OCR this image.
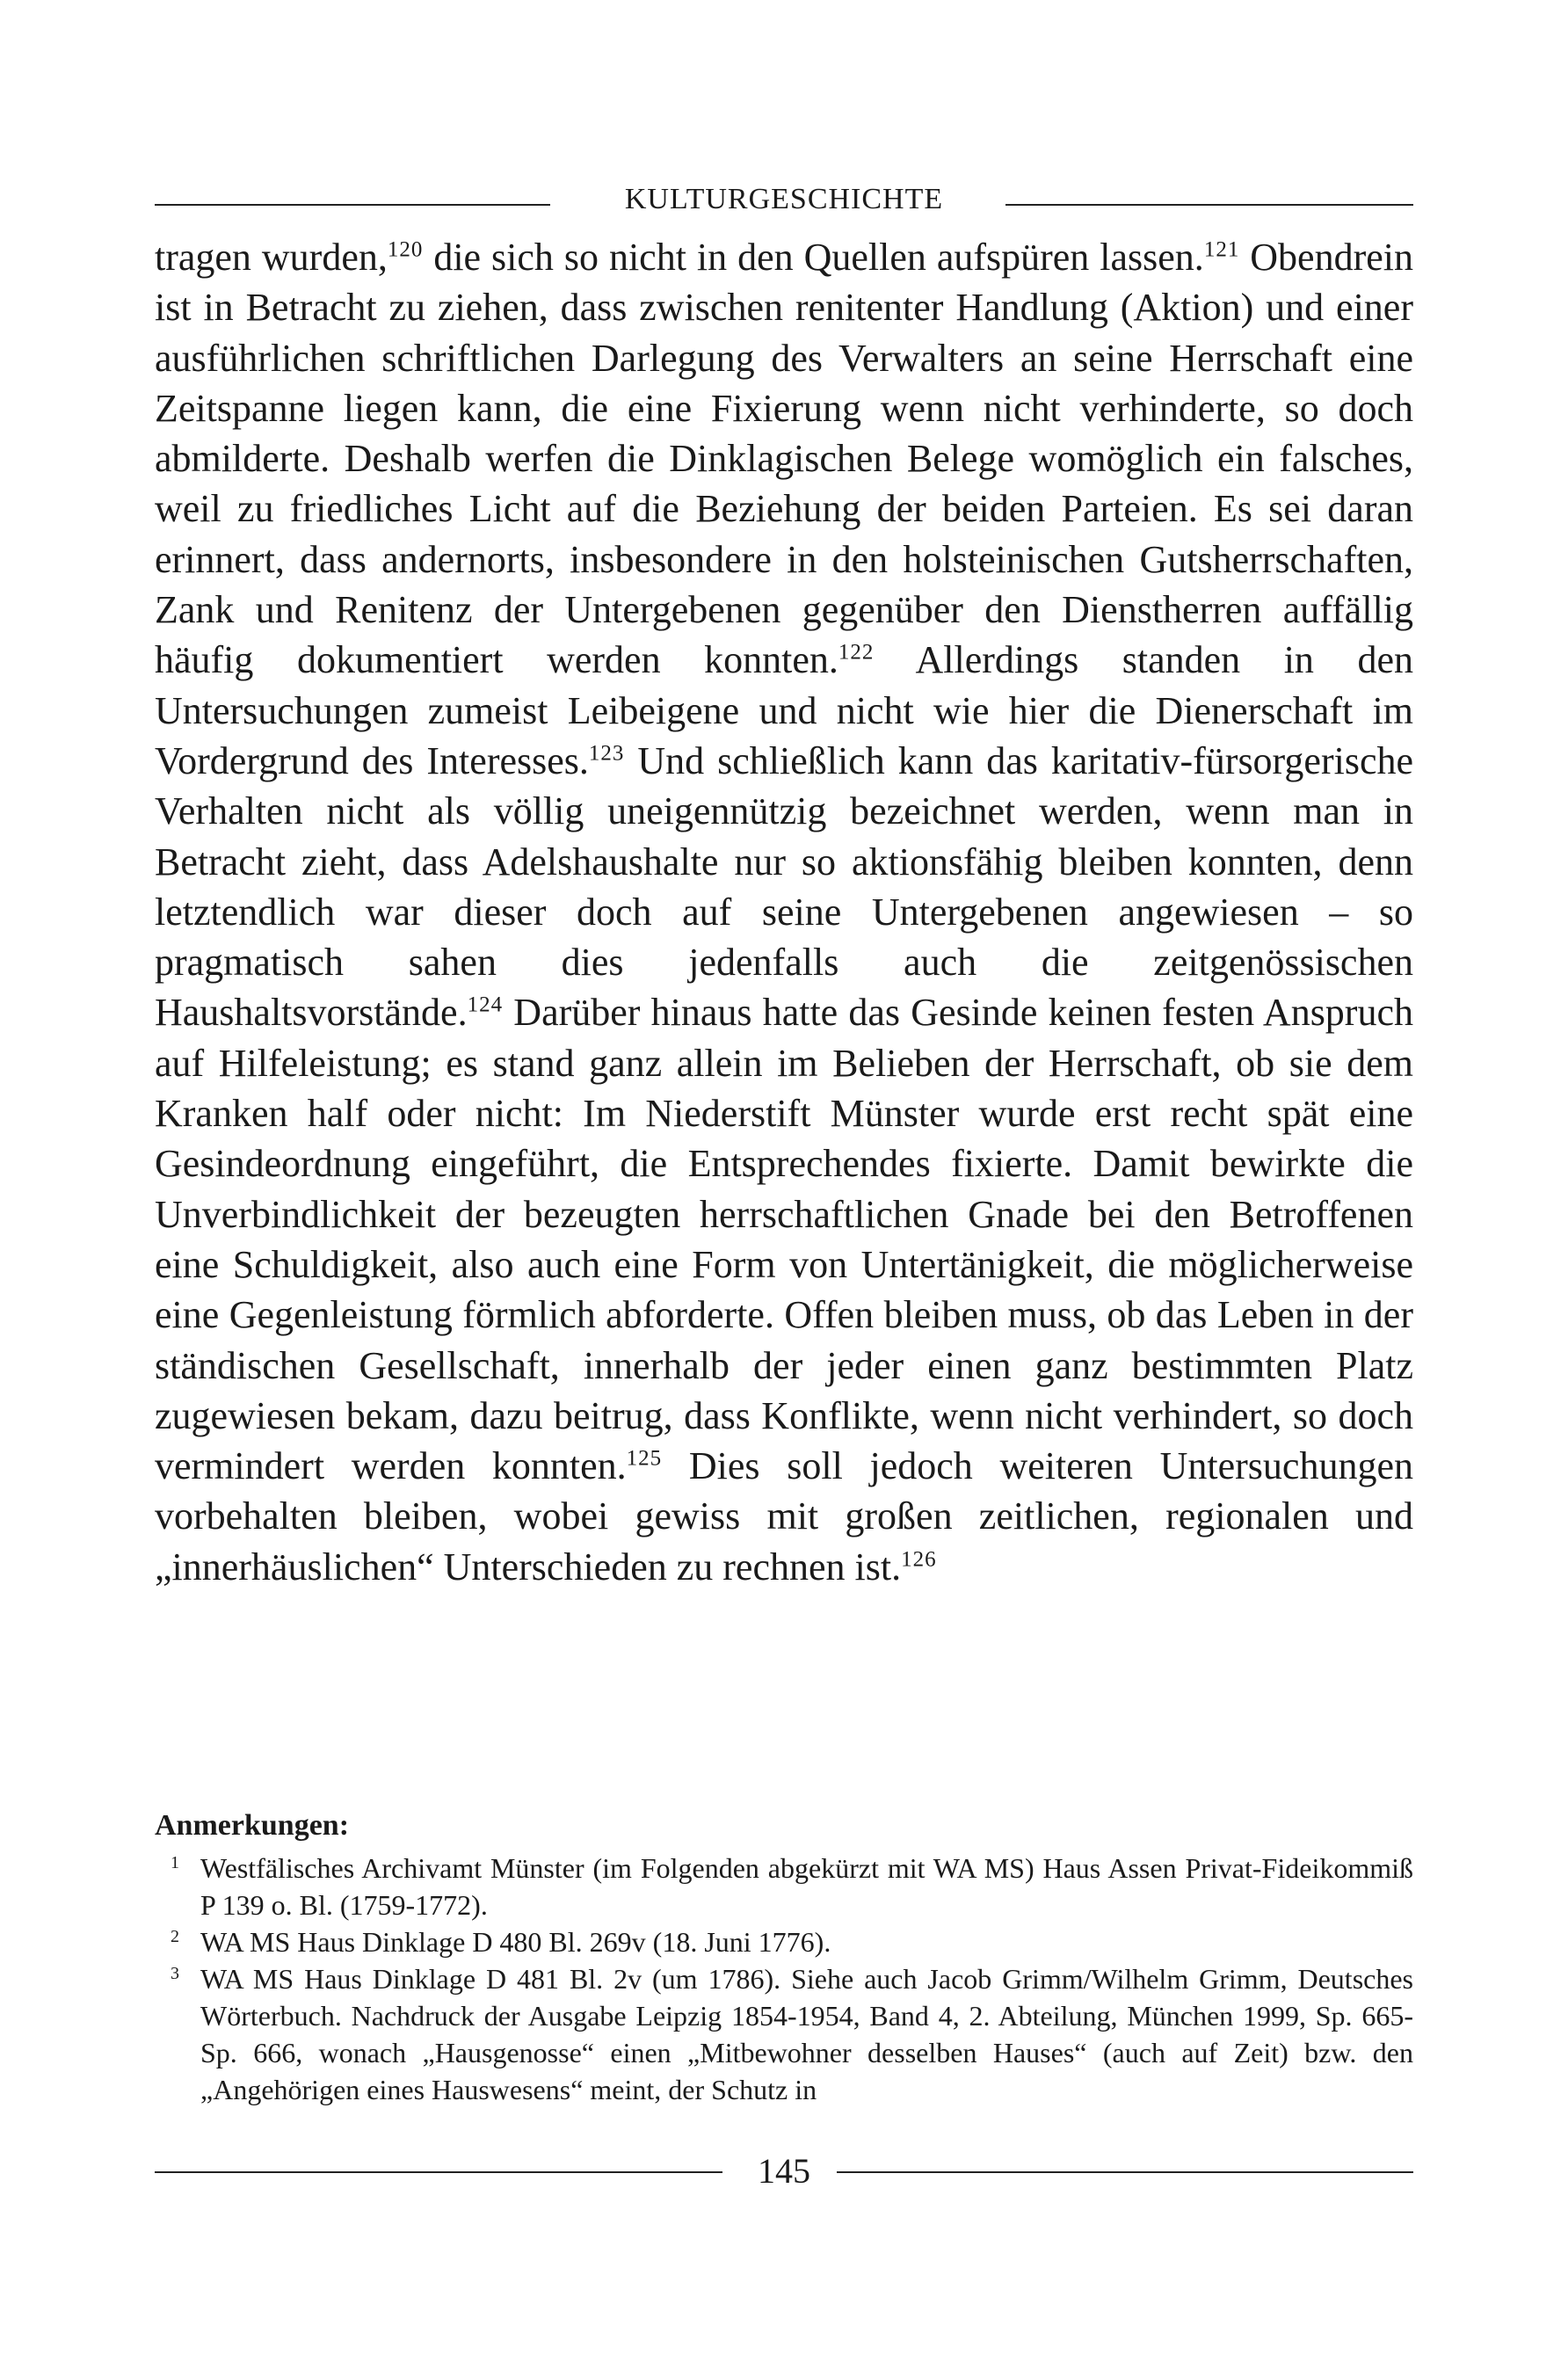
KULTURGESCHICHTE

tragen wurden,$^{120}$ die sich so nicht in den Quellen aufspüren lassen.$^{121}$ Obendrein ist in Betracht zu ziehen, dass zwischen renitenter Handlung (Aktion) und einer ausführlichen schriftlichen Darlegung des Verwalters an seine Herrschaft eine Zeitspanne liegen kann, die eine Fixierung wenn nicht verhinderte, so doch abmilderte. Deshalb werfen die Dinklagischen Belege womöglich ein falsches, weil zu friedliches Licht auf die Beziehung der beiden Parteien. Es sei daran erinnert, dass andernorts, insbesondere in den holsteinischen Gutsherrschaften, Zank und Renitenz der Untergebenen gegenüber den Dienstherren auffällig häufig dokumentiert werden konnten.$^{122}$ Allerdings standen in den Untersuchungen zumeist Leibeigene und nicht wie hier die Dienerschaft im Vordergrund des Interesses.$^{123}$ Und schließlich kann das karitativ-fürsorgerische Verhalten nicht als völlig uneigennützig bezeichnet werden, wenn man in Betracht zieht, dass Adelshaushalte nur so aktionsfähig bleiben konnten, denn letztendlich war dieser doch auf seine Untergebenen angewiesen – so pragmatisch sahen dies jedenfalls auch die zeitgenössischen Haushaltsvorstände.$^{124}$ Darüber hinaus hatte das Gesinde keinen festen Anspruch auf Hilfeleistung; es stand ganz allein im Belieben der Herrschaft, ob sie dem Kranken half oder nicht: Im Niederstift Münster wurde erst recht spät eine Gesindeordnung eingeführt, die Entsprechendes fixierte. Damit bewirkte die Unverbindlichkeit der bezeugten herrschaftlichen Gnade bei den Betroffenen eine Schuldigkeit, also auch eine Form von Untertänigkeit, die möglicherweise eine Gegenleistung förmlich abforderte. Offen bleiben muss, ob das Leben in der ständischen Gesellschaft, innerhalb der jeder einen ganz bestimmten Platz zugewiesen bekam, dazu beitrug, dass Konflikte, wenn nicht verhindert, so doch vermindert werden konnten.$^{125}$ Dies soll jedoch weiteren Untersuchungen vorbehalten bleiben, wobei gewiss mit großen zeitlichen, regionalen und „innerhäuslichen“ Unterschieden zu rechnen ist.$^{126}$

Anmerkungen:
1 Westfälisches Archivamt Münster (im Folgenden abgekürzt mit WA MS) Haus Assen Privat-Fideikommiß P 139 o. Bl. (1759-1772).
2 WA MS Haus Dinklage D 480 Bl. 269v (18. Juni 1776).
3 WA MS Haus Dinklage D 481 Bl. 2v (um 1786). Siehe auch Jacob Grimm/Wilhelm Grimm, Deutsches Wörterbuch. Nachdruck der Ausgabe Leipzig 1854-1954, Band 4, 2. Abteilung, München 1999, Sp. 665-Sp. 666, wonach „Hausgenosse“ einen „Mitbewohner desselben Hauses“ (auch auf Zeit) bzw. den „Angehörigen eines Hauswesens“ meint, der Schutz in
145
